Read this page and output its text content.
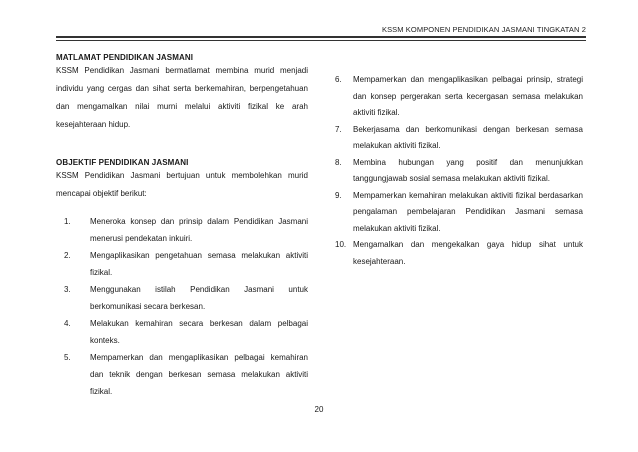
KSSM KOMPONEN PENDIDIKAN JASMANI TINGKATAN 2
MATLAMAT PENDIDIKAN JASMANI

KSSM Pendidikan Jasmani bermatlamat membina murid menjadi individu yang cergas dan sihat serta berkemahiran, berpengetahuan dan mengamalkan nilai murni melalui aktiviti fizikal ke arah kesejahteraan hidup.

OBJEKTIF PENDIDIKAN JASMANI

KSSM Pendidikan Jasmani bertujuan untuk membolehkan murid mencapai objektif berikut:

1. Meneroka konsep dan prinsip dalam Pendidikan Jasmani menerusi pendekatan inkuiri.
2. Mengaplikasikan pengetahuan semasa melakukan aktiviti fizikal.
3. Menggunakan istilah Pendidikan Jasmani untuk berkomunikasi secara berkesan.
4. Melakukan kemahiran secara berkesan dalam pelbagai konteks.
5. Mempamerkan dan mengaplikasikan pelbagai kemahiran dan teknik dengan berkesan semasa melakukan aktiviti fizikal.
6. Mempamerkan dan mengaplikasikan pelbagai prinsip, strategi dan konsep pergerakan serta kecergasan semasa melakukan aktiviti fizikal.
7. Bekerjasama dan berkomunikasi dengan berkesan semasa melakukan aktiviti fizikal.
8. Membina hubungan yang positif dan menunjukkan tanggungjawab sosial semasa melakukan aktiviti fizikal.
9. Mempamerkan kemahiran melakukan aktiviti fizikal berdasarkan pengalaman pembelajaran Pendidikan Jasmani semasa melakukan aktiviti fizikal.
10. Mengamalkan dan mengekalkan gaya hidup sihat untuk kesejahteraan.
20
